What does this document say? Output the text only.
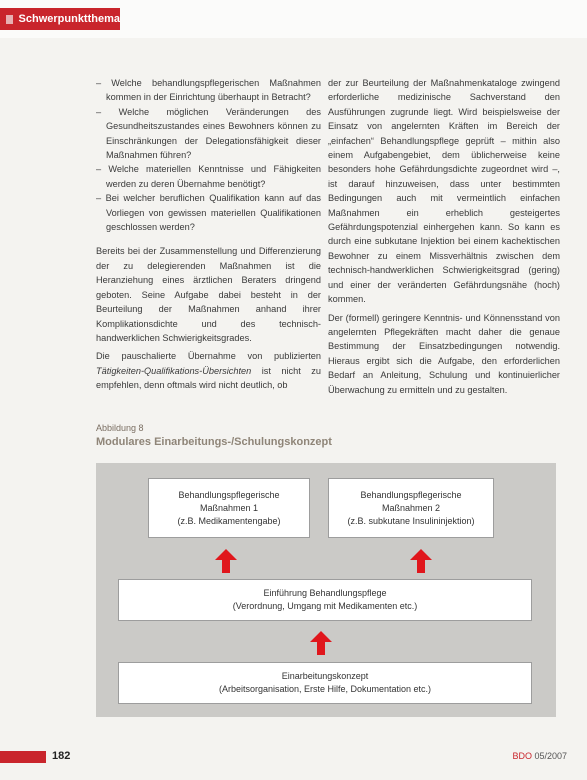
Schwerpunktthema
– Welche behandlungspflegerischen Maßnahmen kommen in der Einrichtung überhaupt in Betracht?
– Welche möglichen Veränderungen des Gesundheitszustandes eines Bewohners können zu Einschränkungen der Delegationsfähigkeit dieser Maßnahmen führen?
– Welche materiellen Kenntnisse und Fähigkeiten werden zu deren Übernahme benötigt?
– Bei welcher beruflichen Qualifikation kann auf das Vorliegen von gewissen materiellen Qualifikationen geschlossen werden?

Bereits bei der Zusammenstellung und Differenzierung der zu delegierenden Maßnahmen ist die Heranziehung eines ärztlichen Beraters dringend geboten. Seine Aufgabe dabei besteht in der Beurteilung der Maßnahmen anhand ihrer Komplikationsdichte und des technisch-handwerklichen Schwierigkeitsgrades.

Die pauschalierte Übernahme von publizierten Tätigkeiten-Qualifikations-Übersichten ist nicht zu empfehlen, denn oftmals wird nicht deutlich, ob

der zur Beurteilung der Maßnahmenkataloge zwingend erforderliche medizinische Sachverstand den Ausführungen zugrunde liegt. Wird beispielsweise der Einsatz von angelernten Kräften im Bereich der „einfachen“ Behandlungspflege geprüft – mithin also einem Aufgabengebiet, dem üblicherweise keine besonders hohe Gefährdungsdichte zugeordnet wird –, ist darauf hinzuweisen, dass unter bestimmten Bedingungen auch mit vermeintlich einfachen Maßnahmen ein erheblich gesteigertes Gefährdungspotenzial einhergehen kann. So kann es durch eine subkutane Injektion bei einem kachektischen Bewohner zu einem Missverhältnis zwischen dem technisch-handwerklichen Schwierigkeitsgrad (gering) und einer der veränderten Gefährdungsnähe (hoch) kommen.

Der (formell) geringere Kenntnis- und Könnensstand von angelernten Pflegekräften macht daher die genaue Bestimmung der Einsatzbedingungen notwendig. Hieraus ergibt sich die Aufgabe, den erforderlichen Bedarf an Anleitung, Schulung und kontinuierlicher Überwachung zu ermitteln und zu gestalten.

Abbildung 8
Modulares Einarbeitungs-/Schulungskonzept
Behandlungspflegerische
Maßnahmen 1
(z.B. Medikamentengabe)
Behandlungspflegerische
Maßnahmen 2
(z.B. subkutane Insulininjektion)
Einführung Behandlungspflege
(Verordnung, Umgang mit Medikamenten etc.)
Einarbeitungskonzept
(Arbeitsorganisation, Erste Hilfe, Dokumentation etc.)
182	BDO 05/2007
